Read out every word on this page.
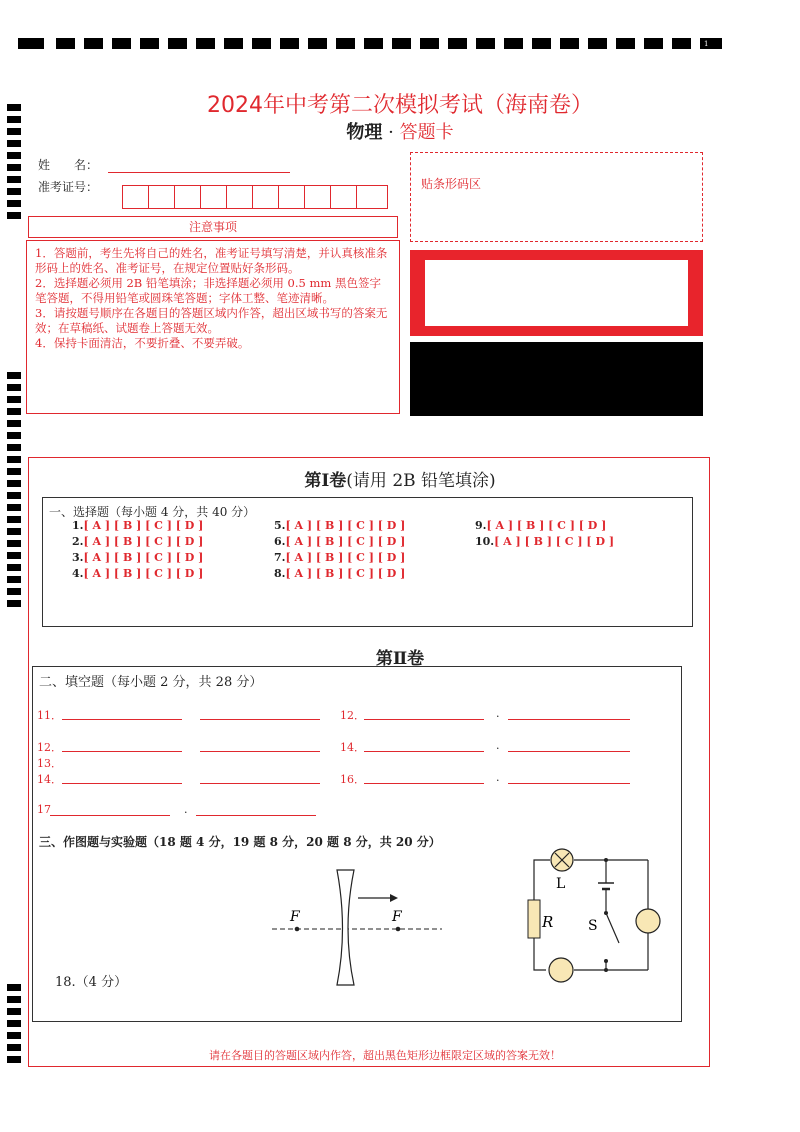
1
2024年中考第二次模拟考试（海南卷）
物理 · 答题卡
姓　　名：
准考证号：
注意事项
1．答题前，考生先将自己的姓名，准考证号填写清楚，并认真核准条形码上的姓名、准考证号，在规定位置贴好条形码。
2．选择题必须用 2B 铅笔填涂；非选择题必须用 0.5 mm 黑色签字笔答题，不得用铅笔或圆珠笔答题；字体工整、笔迹清晰。
3．请按题号顺序在各题目的答题区域内作答，超出区域书写的答案无效；在草稿纸、试题卷上答题无效。
4．保持卡面清洁，不要折叠、不要弄破。
贴条形码区
第Ⅰ卷(请用 2B 铅笔填涂)
一、选择题（每小题 4 分，共 40 分）
1.[ A ] [ B ] [ C ] [ D ]
2.[ A ] [ B ] [ C ] [ D ]
3.[ A ] [ B ] [ C ] [ D ]
4.[ A ] [ B ] [ C ] [ D ]
5.[ A ] [ B ] [ C ] [ D ]
6.[ A ] [ B ] [ C ] [ D ]
7.[ A ] [ B ] [ C ] [ D ]
8.[ A ] [ B ] [ C ] [ D ]
9.[ A ] [ B ] [ C ] [ D ]
10.[ A ] [ B ] [ C ] [ D ]
第Ⅱ卷
二、填空题（每小题 2 分，共 28 分）
三、作图题与实验题（18 题 4 分，19 题 8 分，20 题 8 分，共 20 分）
18.（4 分）
11．	12．	.
12．	14．	.
13．
14．	16．	.
17	.
F	F
L
R S
请在各题目的答题区域内作答，超出黑色矩形边框限定区域的答案无效！
